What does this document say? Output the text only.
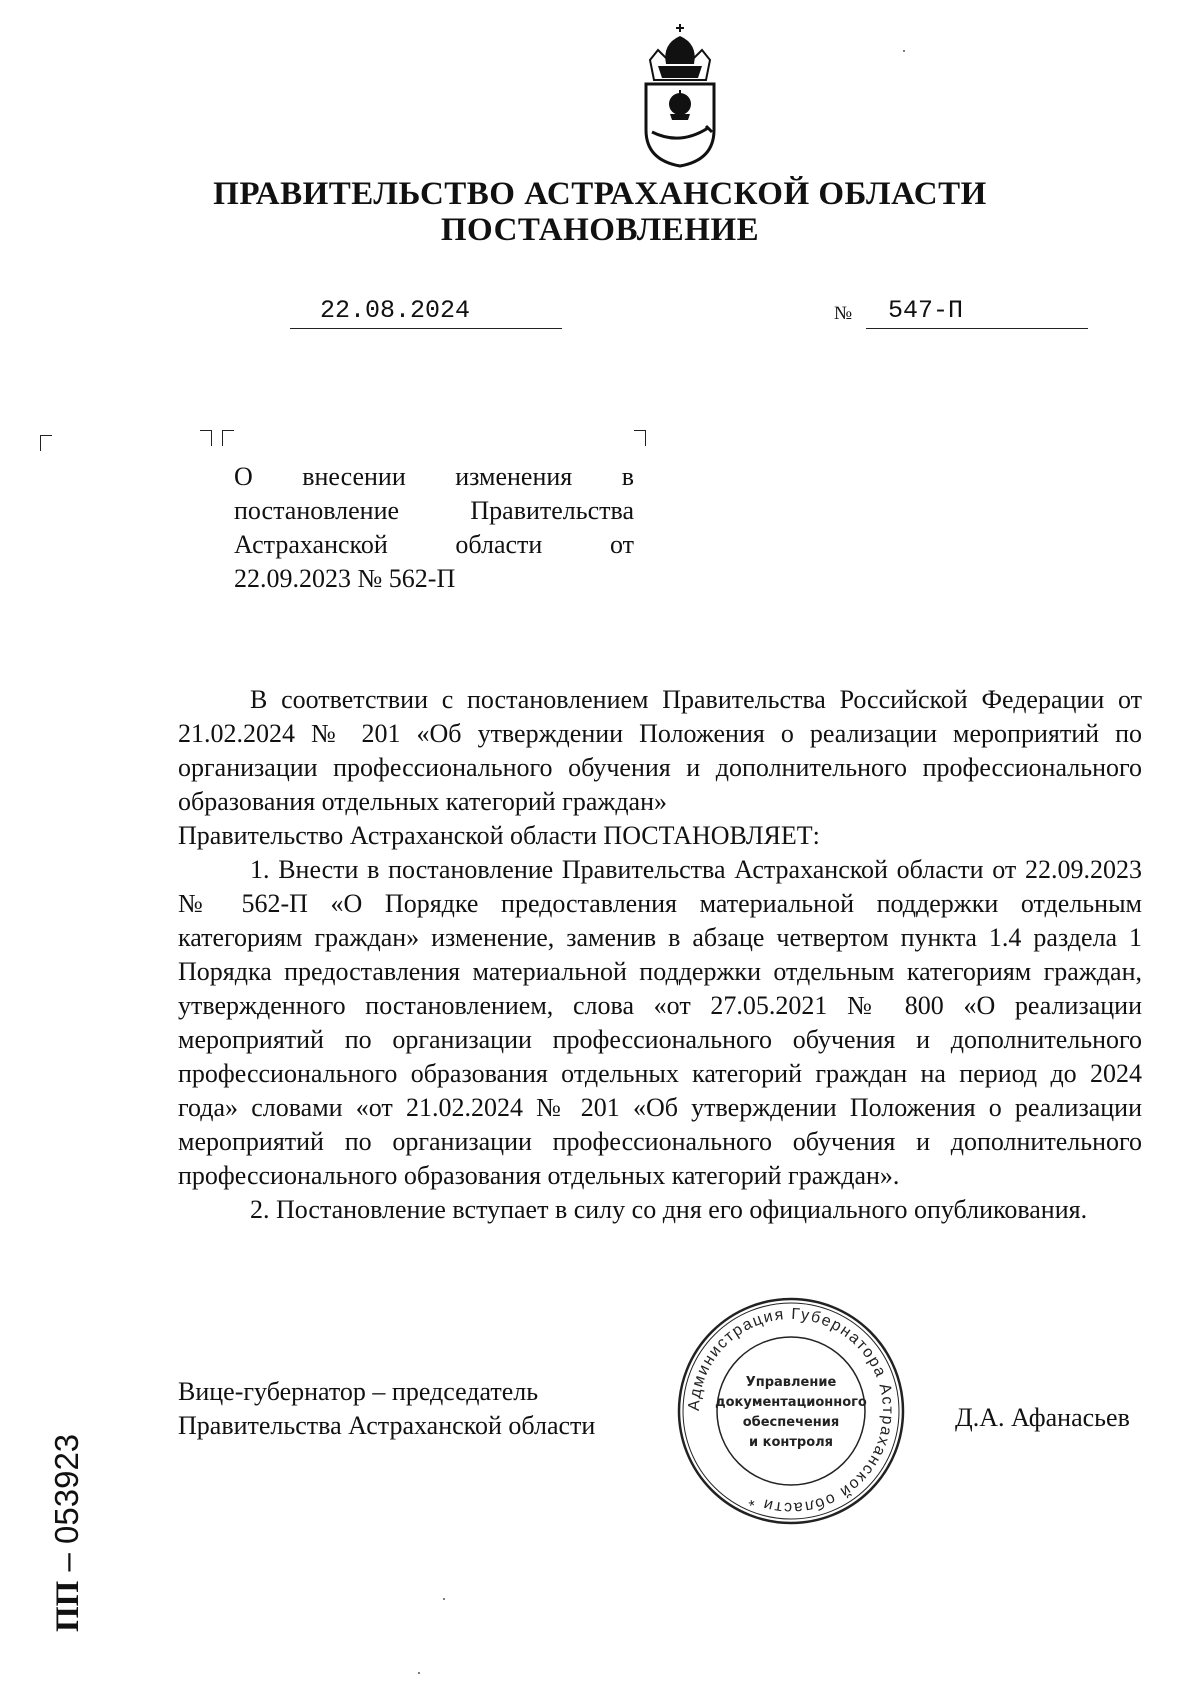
ПРАВИТЕЛЬСТВО АСТРАХАНСКОЙ ОБЛАСТИ
ПОСТАНОВЛЕНИЕ
22.08.2024	№ 547-П
О внесении изменения в постановление Правительства Астраханской области от 22.09.2023 № 562-П

В соответствии с постановлением Правительства Российской Федерации от 21.02.2024 № 201 «Об утверждении Положения о реализации мероприятий по организации профессионального обучения и дополнительного профессионального образования отдельных категорий граждан»

Правительство Астраханской области ПОСТАНОВЛЯЕТ:

1. Внести в постановление Правительства Астраханской области от 22.09.2023 № 562-П «О Порядке предоставления материальной поддержки отдельным категориям граждан» изменение, заменив в абзаце четвертом пункта 1.4 раздела 1 Порядка предоставления материальной поддержки отдельным категориям граждан, утвержденного постановлением, слова «от 27.05.2021 № 800 «О реализации мероприятий по организации профессионального обучения и дополнительного профессионального образования отдельных категорий граждан на период до 2024 года» словами «от 21.02.2024 № 201 «Об утверждении Положения о реализации мероприятий по организации профессионального обучения и дополнительного профессионального образования отдельных категорий граждан».

2. Постановление вступает в силу со дня его официального опубликования.

Вице-губернатор – председатель
Правительства Астраханской области	Д.А. Афанасьев
Администрация Губернатора Астраханской области *
Управление
документационного
обеспечения
и контроля
ПП – 053923
